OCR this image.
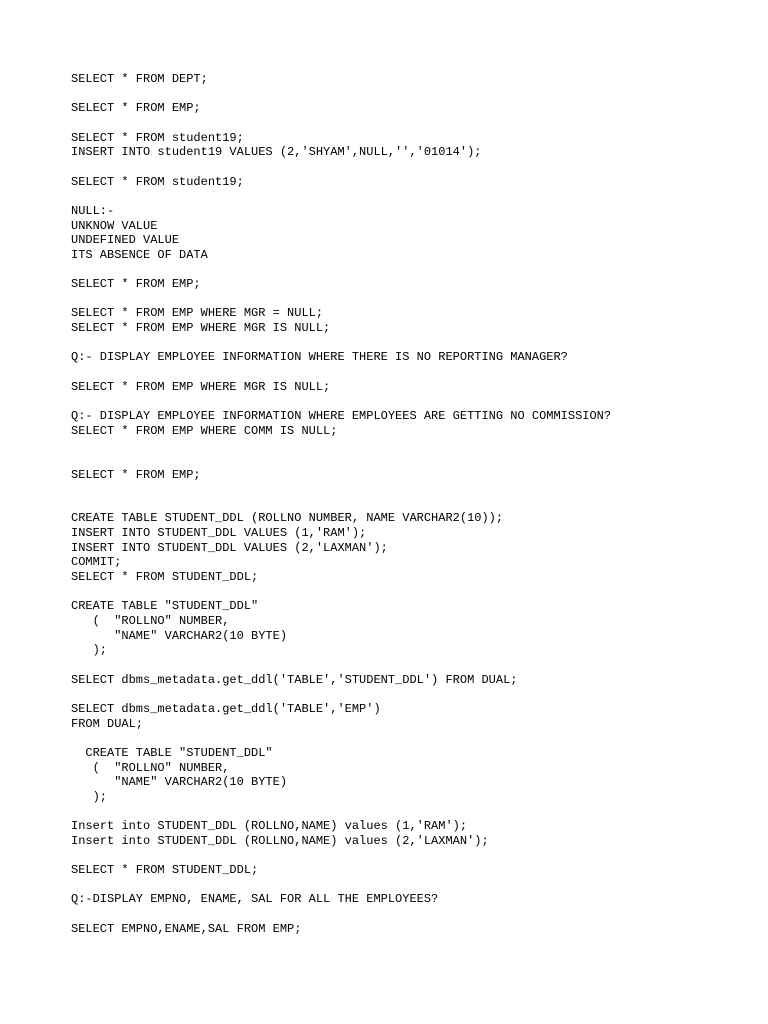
SELECT * FROM DEPT;
SELECT * FROM EMP;
SELECT * FROM student19;
INSERT INTO student19 VALUES (2,'SHYAM',NULL,'','01014');
SELECT * FROM student19;
NULL:-
UNKNOW VALUE
UNDEFINED VALUE
ITS ABSENCE OF DATA
SELECT * FROM EMP;
SELECT * FROM EMP WHERE MGR = NULL;
SELECT * FROM EMP WHERE MGR IS NULL;
Q:- DISPLAY EMPLOYEE INFORMATION WHERE THERE IS NO REPORTING MANAGER?
SELECT * FROM EMP WHERE MGR IS NULL;
Q:- DISPLAY EMPLOYEE INFORMATION WHERE EMPLOYEES ARE GETTING NO COMMISSION?
SELECT * FROM EMP WHERE COMM IS NULL;
SELECT * FROM EMP;
CREATE TABLE STUDENT_DDL (ROLLNO NUMBER, NAME VARCHAR2(10));
INSERT INTO STUDENT_DDL VALUES (1,'RAM');
INSERT INTO STUDENT_DDL VALUES (2,'LAXMAN');
COMMIT;
SELECT * FROM STUDENT_DDL;
CREATE TABLE "STUDENT_DDL"
(  "ROLLNO" NUMBER,
"NAME" VARCHAR2(10 BYTE)
);
SELECT dbms_metadata.get_ddl('TABLE','STUDENT_DDL') FROM DUAL;
SELECT dbms_metadata.get_ddl('TABLE','EMP')
FROM DUAL;
CREATE TABLE "STUDENT_DDL"
(  "ROLLNO" NUMBER,
"NAME" VARCHAR2(10 BYTE)
);
Insert into STUDENT_DDL (ROLLNO,NAME) values (1,'RAM');
Insert into STUDENT_DDL (ROLLNO,NAME) values (2,'LAXMAN');
SELECT * FROM STUDENT_DDL;
Q:-DISPLAY EMPNO, ENAME, SAL FOR ALL THE EMPLOYEES?
SELECT EMPNO,ENAME,SAL FROM EMP;
